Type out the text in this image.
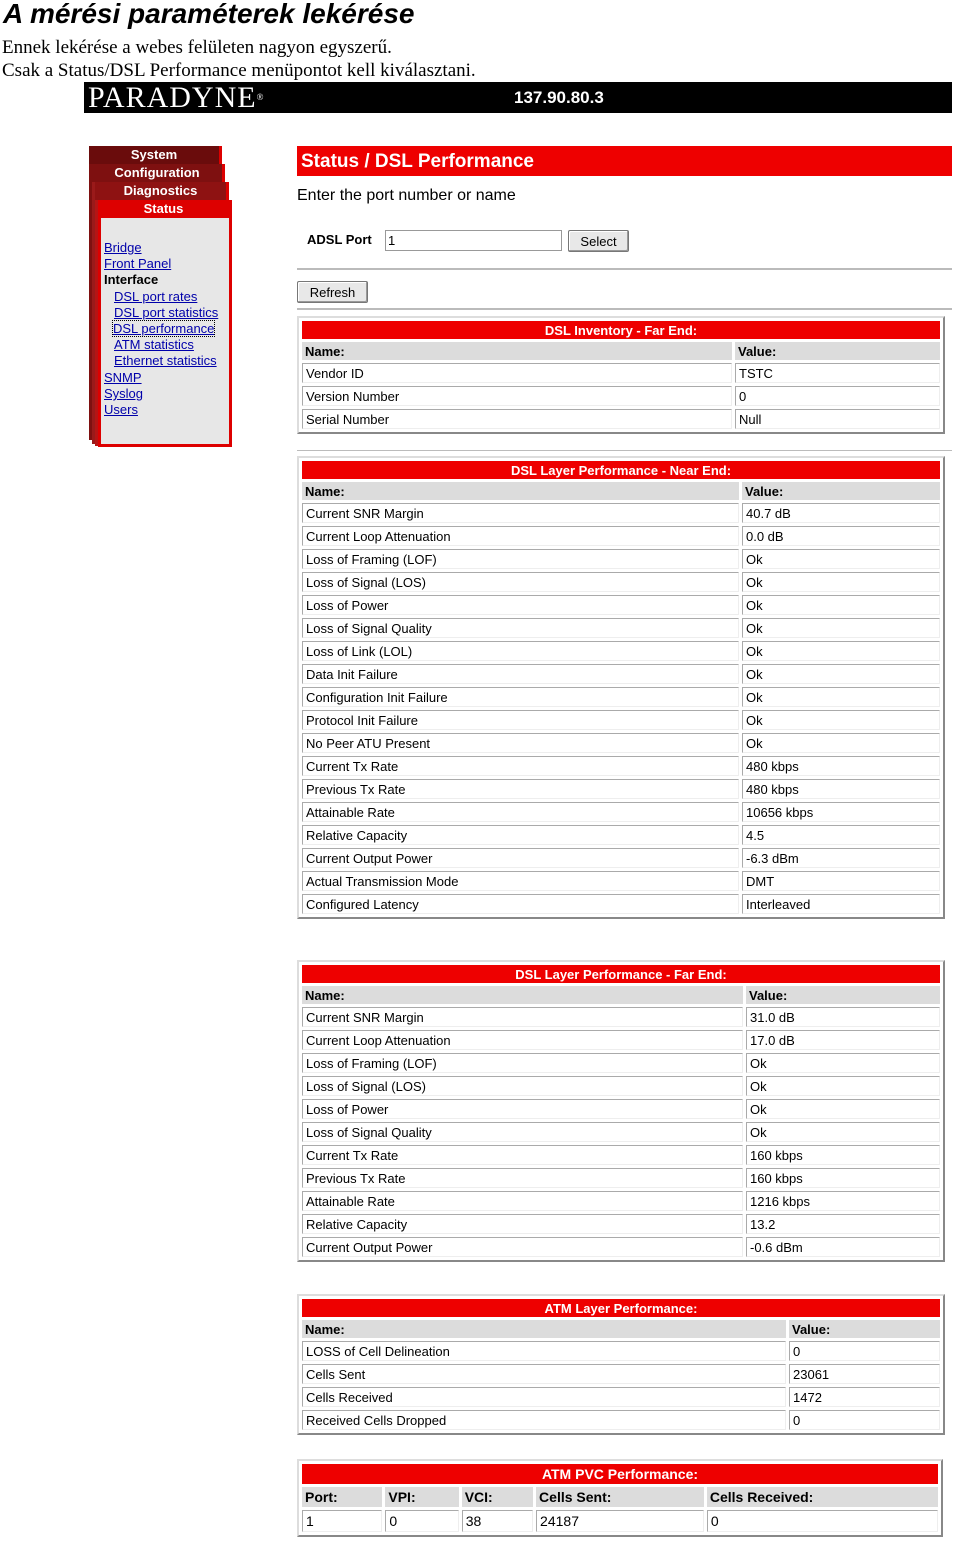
A mérési paraméterek lekérése
Ennek lekérése a webes felületen nagyon egyszerű.
Csak a Status/DSL Performance menüpontot kell kiválasztani.
PARADYNE®	137.90.80.3
System
Configuration
Diagnostics
Status
Bridge
Front Panel
Interface
DSL port rates
DSL port statistics
DSL performance
ATM statistics
Ethernet statistics
SNMP
Syslog
Users
Status / DSL Performance
Enter the port number or name
ADSL Port
1	Select
Refresh
DSL Inventory - Far End:	
Name:	Value:
Vendor ID	TSTC
Version Number	0
Serial Number	Null
DSL Layer Performance - Near End:	
Name:	Value:
Current SNR Margin	40.7 dB
Current Loop Attenuation	0.0 dB
Loss of Framing (LOF)	Ok
Loss of Signal (LOS)	Ok
Loss of Power	Ok
Loss of Signal Quality	Ok
Loss of Link (LOL)	Ok
Data Init Failure	Ok
Configuration Init Failure	Ok
Protocol Init Failure	Ok
No Peer ATU Present	Ok
Current Tx Rate	480 kbps
Previous Tx Rate	480 kbps
Attainable Rate	10656 kbps
Relative Capacity	4.5
Current Output Power	-6.3 dBm
Actual Transmission Mode	DMT
Configured Latency	Interleaved
DSL Layer Performance - Far End:	
Name:	Value:
Current SNR Margin	31.0 dB
Current Loop Attenuation	17.0 dB
Loss of Framing (LOF)	Ok
Loss of Signal (LOS)	Ok
Loss of Power	Ok
Loss of Signal Quality	Ok
Current Tx Rate	160 kbps
Previous Tx Rate	160 kbps
Attainable Rate	1216 kbps
Relative Capacity	13.2
Current Output Power	-0.6 dBm
ATM Layer Performance:	
Name:	Value:
LOSS of Cell Delineation	0
Cells Sent	23061
Cells Received	1472
Received Cells Dropped	0
ATM PVC Performance:				
Port:	VPI:	VCI:	Cells Sent:	Cells Received:
1	0	38	24187	0
